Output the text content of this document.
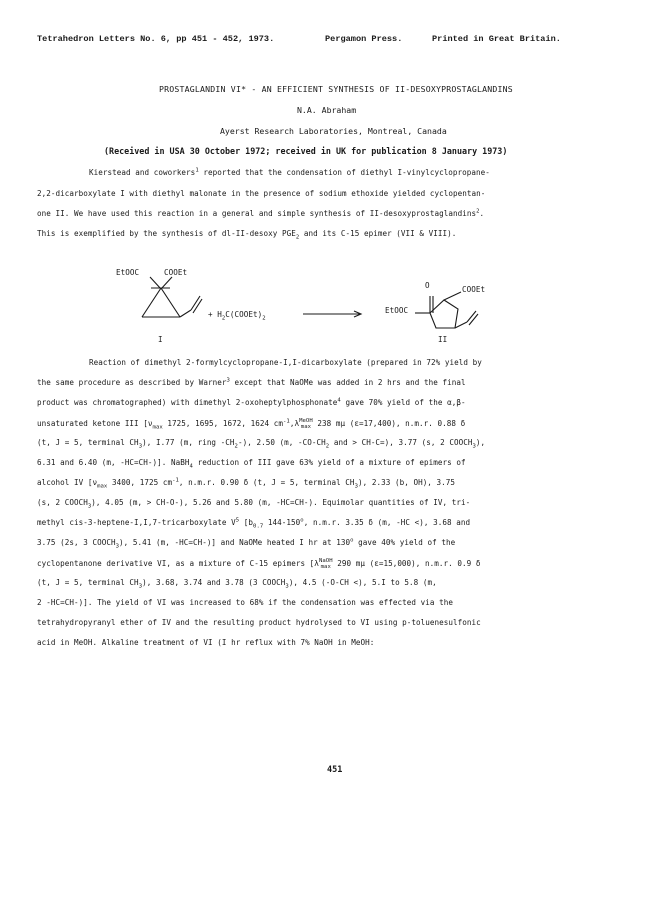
Tetrahedron Letters No. 6, pp 451 - 452, 1973.	Pergamon Press.	Printed in Great Britain.
PROSTAGLANDIN VI* - AN EFFICIENT SYNTHESIS OF II-DESOXYPROSTAGLANDINS
N.A. Abraham
Ayerst Research Laboratories, Montreal, Canada
(Received in USA 30 October 1972; received in UK for publication 8 January 1973)
Kierstead and coworkers$^1$ reported that the condensation of diethyl I-vinylcyclopropane-
2,2-dicarboxylate I with diethyl malonate in the presence of sodium ethoxide yielded cyclopentan-
one II. We have used this reaction in a general and simple synthesis of II-desoxyprostaglandins$^2$.
This is exemplified by the synthesis of dl-II-desoxy $PGE_2$ and its C-15 epimer (VII & VIII).
EtOOC	COOEt
+ $H_2C(COOEt)_2$
I
O	COOEt
EtOOC
II
Reaction of dimethyl 2-formylcyclopropane-I,I-dicarboxylate (prepared in 72% yield by
the same procedure as described by Warner$^3$ except that NaOMe was added in 2 hrs and the final
product was chromatographed) with dimethyl 2-oxoheptylphosphonate$^4$ gave 70% yield of the α,β-
unsaturated ketone III [$\nu_{max}$ 1725, 1695, 1672, 1624 $cm^{-1},\lambda MeOH$
max 238 mμ (ε=17,400), n.m.r. 0.88 δ
(t, J = 5, terminal $CH_3$), I.77 (m, ring $-CH_2-$), 2.50 (m, $-CO-CH_2$ and > CH-C=), 3.77 (s, 2 $COOCH_3$),
6.31 and 6.40 (m, -HC=CH-)]. NaBH$_4$ reduction of III gave 63% yield of a mixture of epimers of
alcohol IV [$\nu_{max}$ 3400, 1725 $cm^{-1}$, n.m.r. 0.90 δ (t, J = 5, terminal $CH_3$), 2.33 (b, OH), 3.75
(s, 2 $COOCH_3$), 4.05 (m, > CH-O-), 5.26 and 5.80 (m, -HC=CH-). Equimolar quantities of IV, tri-
methyl cis-3-heptene-I,I,7-tricarboxylate $V^5$ [$b_{0.7}$ 144-150$^o$, n.m.r. 3.35 δ (m, -HC <), 3.68 and
3.75 (2s, 3 $COOCH_3$), 5.41 (m, -HC=CH-)] and NaOMe heated I hr at 130$^o$ gave 40% yield of the
cyclopentanone derivative VI, as a mixture of C-15 epimers [λNaOH
max 290 mμ (ε=15,000), n.m.r. 0.9 δ
(t, J = 5, terminal $CH_3$), 3.68, 3.74 and 3.78 (3 $COOCH_3$), 4.5 (-O-CH <), 5.I to 5.8 (m,
2 -HC=CH-)]. The yield of VI was increased to 68% if the condensation was effected via the
tetrahydropyranyl ether of IV and the resulting product hydrolysed to VI using p-toluenesulfonic
acid in MeOH. Alkaline treatment of VI (I hr reflux with 7% NaOH in MeOH:
451
